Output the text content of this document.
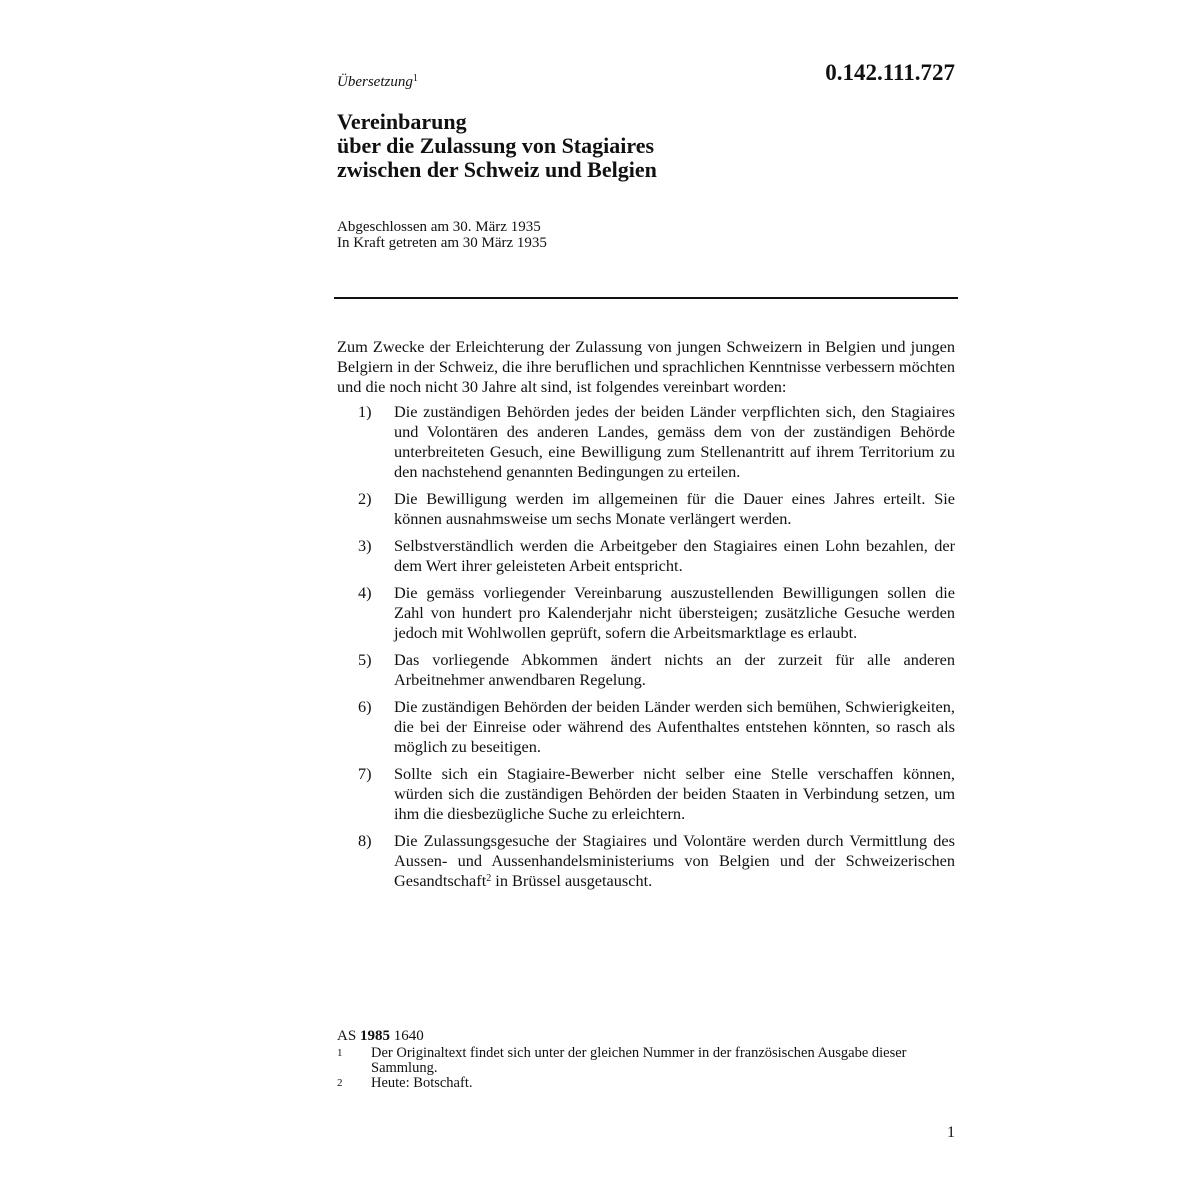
0.142.111.727
Übersetzung$^1$
Vereinbarung
über die Zulassung von Stagiaires
zwischen der Schweiz und Belgien
Abgeschlossen am 30. März 1935
In Kraft getreten am 30 März 1935

Zum Zwecke der Erleichterung der Zulassung von jungen Schweizern in Belgien und jungen Belgiern in der Schweiz, die ihre beruflichen und sprachlichen Kenntnisse verbessern möchten und die noch nicht 30 Jahre alt sind, ist folgendes vereinbart worden:

1)	Die zuständigen Behörden jedes der beiden Länder verpflichten sich, den Stagiaires und Volontären des anderen Landes, gemäss dem von der zuständigen Behörde unterbreiteten Gesuch, eine Bewilligung zum Stellenantritt auf ihrem Territorium zu den nachstehend genannten Bedingungen zu erteilen.
2)	Die Bewilligung werden im allgemeinen für die Dauer eines Jahres erteilt. Sie können ausnahmsweise um sechs Monate verlängert werden.
3)	Selbstverständlich werden die Arbeitgeber den Stagiaires einen Lohn bezahlen, der dem Wert ihrer geleisteten Arbeit entspricht.
4)	Die gemäss vorliegender Vereinbarung auszustellenden Bewilligungen sollen die Zahl von hundert pro Kalenderjahr nicht übersteigen; zusätzliche Gesuche werden jedoch mit Wohlwollen geprüft, sofern die Arbeitsmarktlage es erlaubt.
5)	Das vorliegende Abkommen ändert nichts an der zurzeit für alle anderen Arbeitnehmer anwendbaren Regelung.
6)	Die zuständigen Behörden der beiden Länder werden sich bemühen, Schwierigkeiten, die bei der Einreise oder während des Aufenthaltes entstehen könnten, so rasch als möglich zu beseitigen.
7)	Sollte sich ein Stagiaire-Bewerber nicht selber eine Stelle verschaffen können, würden sich die zuständigen Behörden der beiden Staaten in Verbindung setzen, um ihm die diesbezügliche Suche zu erleichtern.
8)	Die Zulassungsgesuche der Stagiaires und Volontäre werden durch Vermittlung des Aussen- und Aussenhandelsministeriums von Belgien und der Schweizerischen Gesandtschaft$^2$ in Brüssel ausgetauscht.
AS 1985 1640
1	Der Originaltext findet sich unter der gleichen Nummer in der französischen Ausgabe dieser Sammlung.
2	Heute: Botschaft.
1
